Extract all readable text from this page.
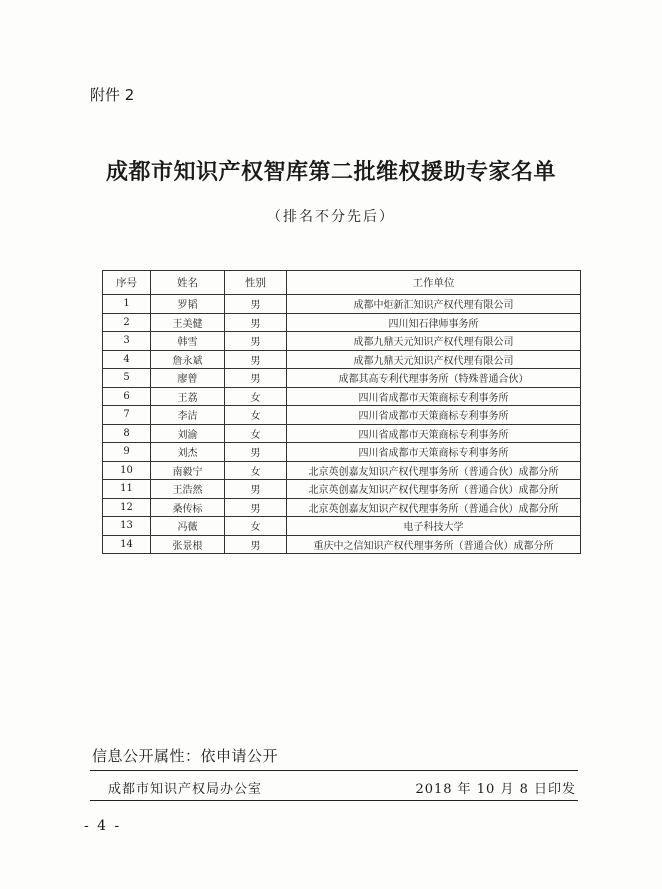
附件 2
成都市知识产权智库第二批维权援助专家名单
（排名不分先后）
序号	姓名	性别	工作单位
1	罗韬	男	成都中炬新汇知识产权代理有限公司
2	王美健	男	四川知石律师事务所
3	韩雪	男	成都九鼎天元知识产权代理有限公司
4	詹永斌	男	成都九鼎天元知识产权代理有限公司
5	廖曾	男	成都其高专利代理事务所（特殊普通合伙）
6	王荔	女	四川省成都市天策商标专利事务所
7	李洁	女	四川省成都市天策商标专利事务所
8	刘渝	女	四川省成都市天策商标专利事务所
9	刘杰	男	四川省成都市天策商标专利事务所
10	南毅宁	女	北京英创嘉友知识产权代理事务所（普通合伙）成都分所
11	王浩然	男	北京英创嘉友知识产权代理事务所（普通合伙）成都分所
12	桑传标	男	北京英创嘉友知识产权代理事务所（普通合伙）成都分所
13	冯薇	女	电子科技大学
14	张景根	男	重庆中之信知识产权代理事务所（普通合伙）成都分所
信息公开属性：依申请公开
成都市知识产权局办公室	2018 年 10 月 8 日印发
- 4 -
